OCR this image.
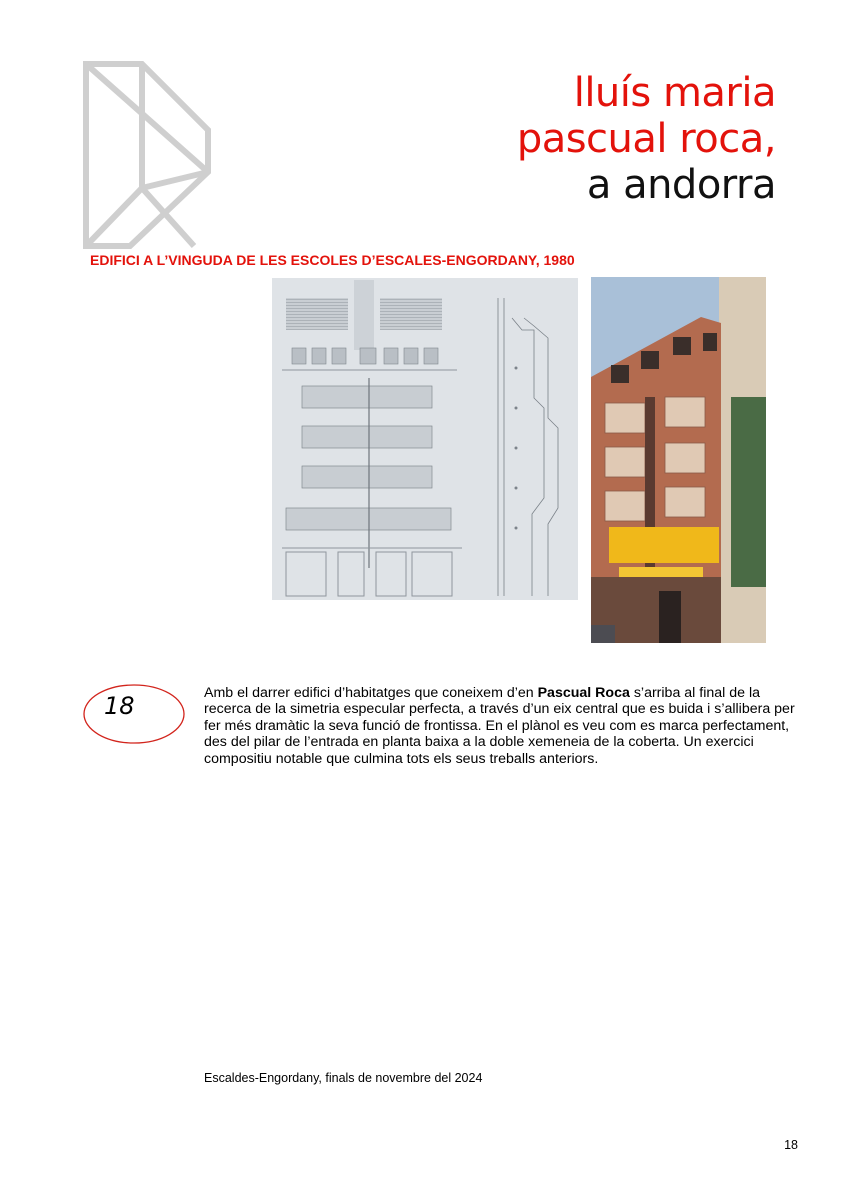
lluís maria
pascual roca,
a andorra
EDIFICI A L’VINGUDA DE LES ESCOLES D’ESCALES-ENGORDANY, 1980
18	Amb el darrer edifici d’habitatges que coneixem d’en Pascual Roca s’arriba al final de la recerca de la simetria especular perfecta, a través d’un eix central que es buida i s’allibera per fer més dramàtic la seva funció de frontissa. En el plànol es veu com es marca perfectament, des del pilar de l’entrada en planta baixa a la doble xemeneia de la coberta. Un exercici compositiu notable que culmina tots els seus treballs anteriors.
Escaldes-Engordany, finals de novembre del 2024
18
